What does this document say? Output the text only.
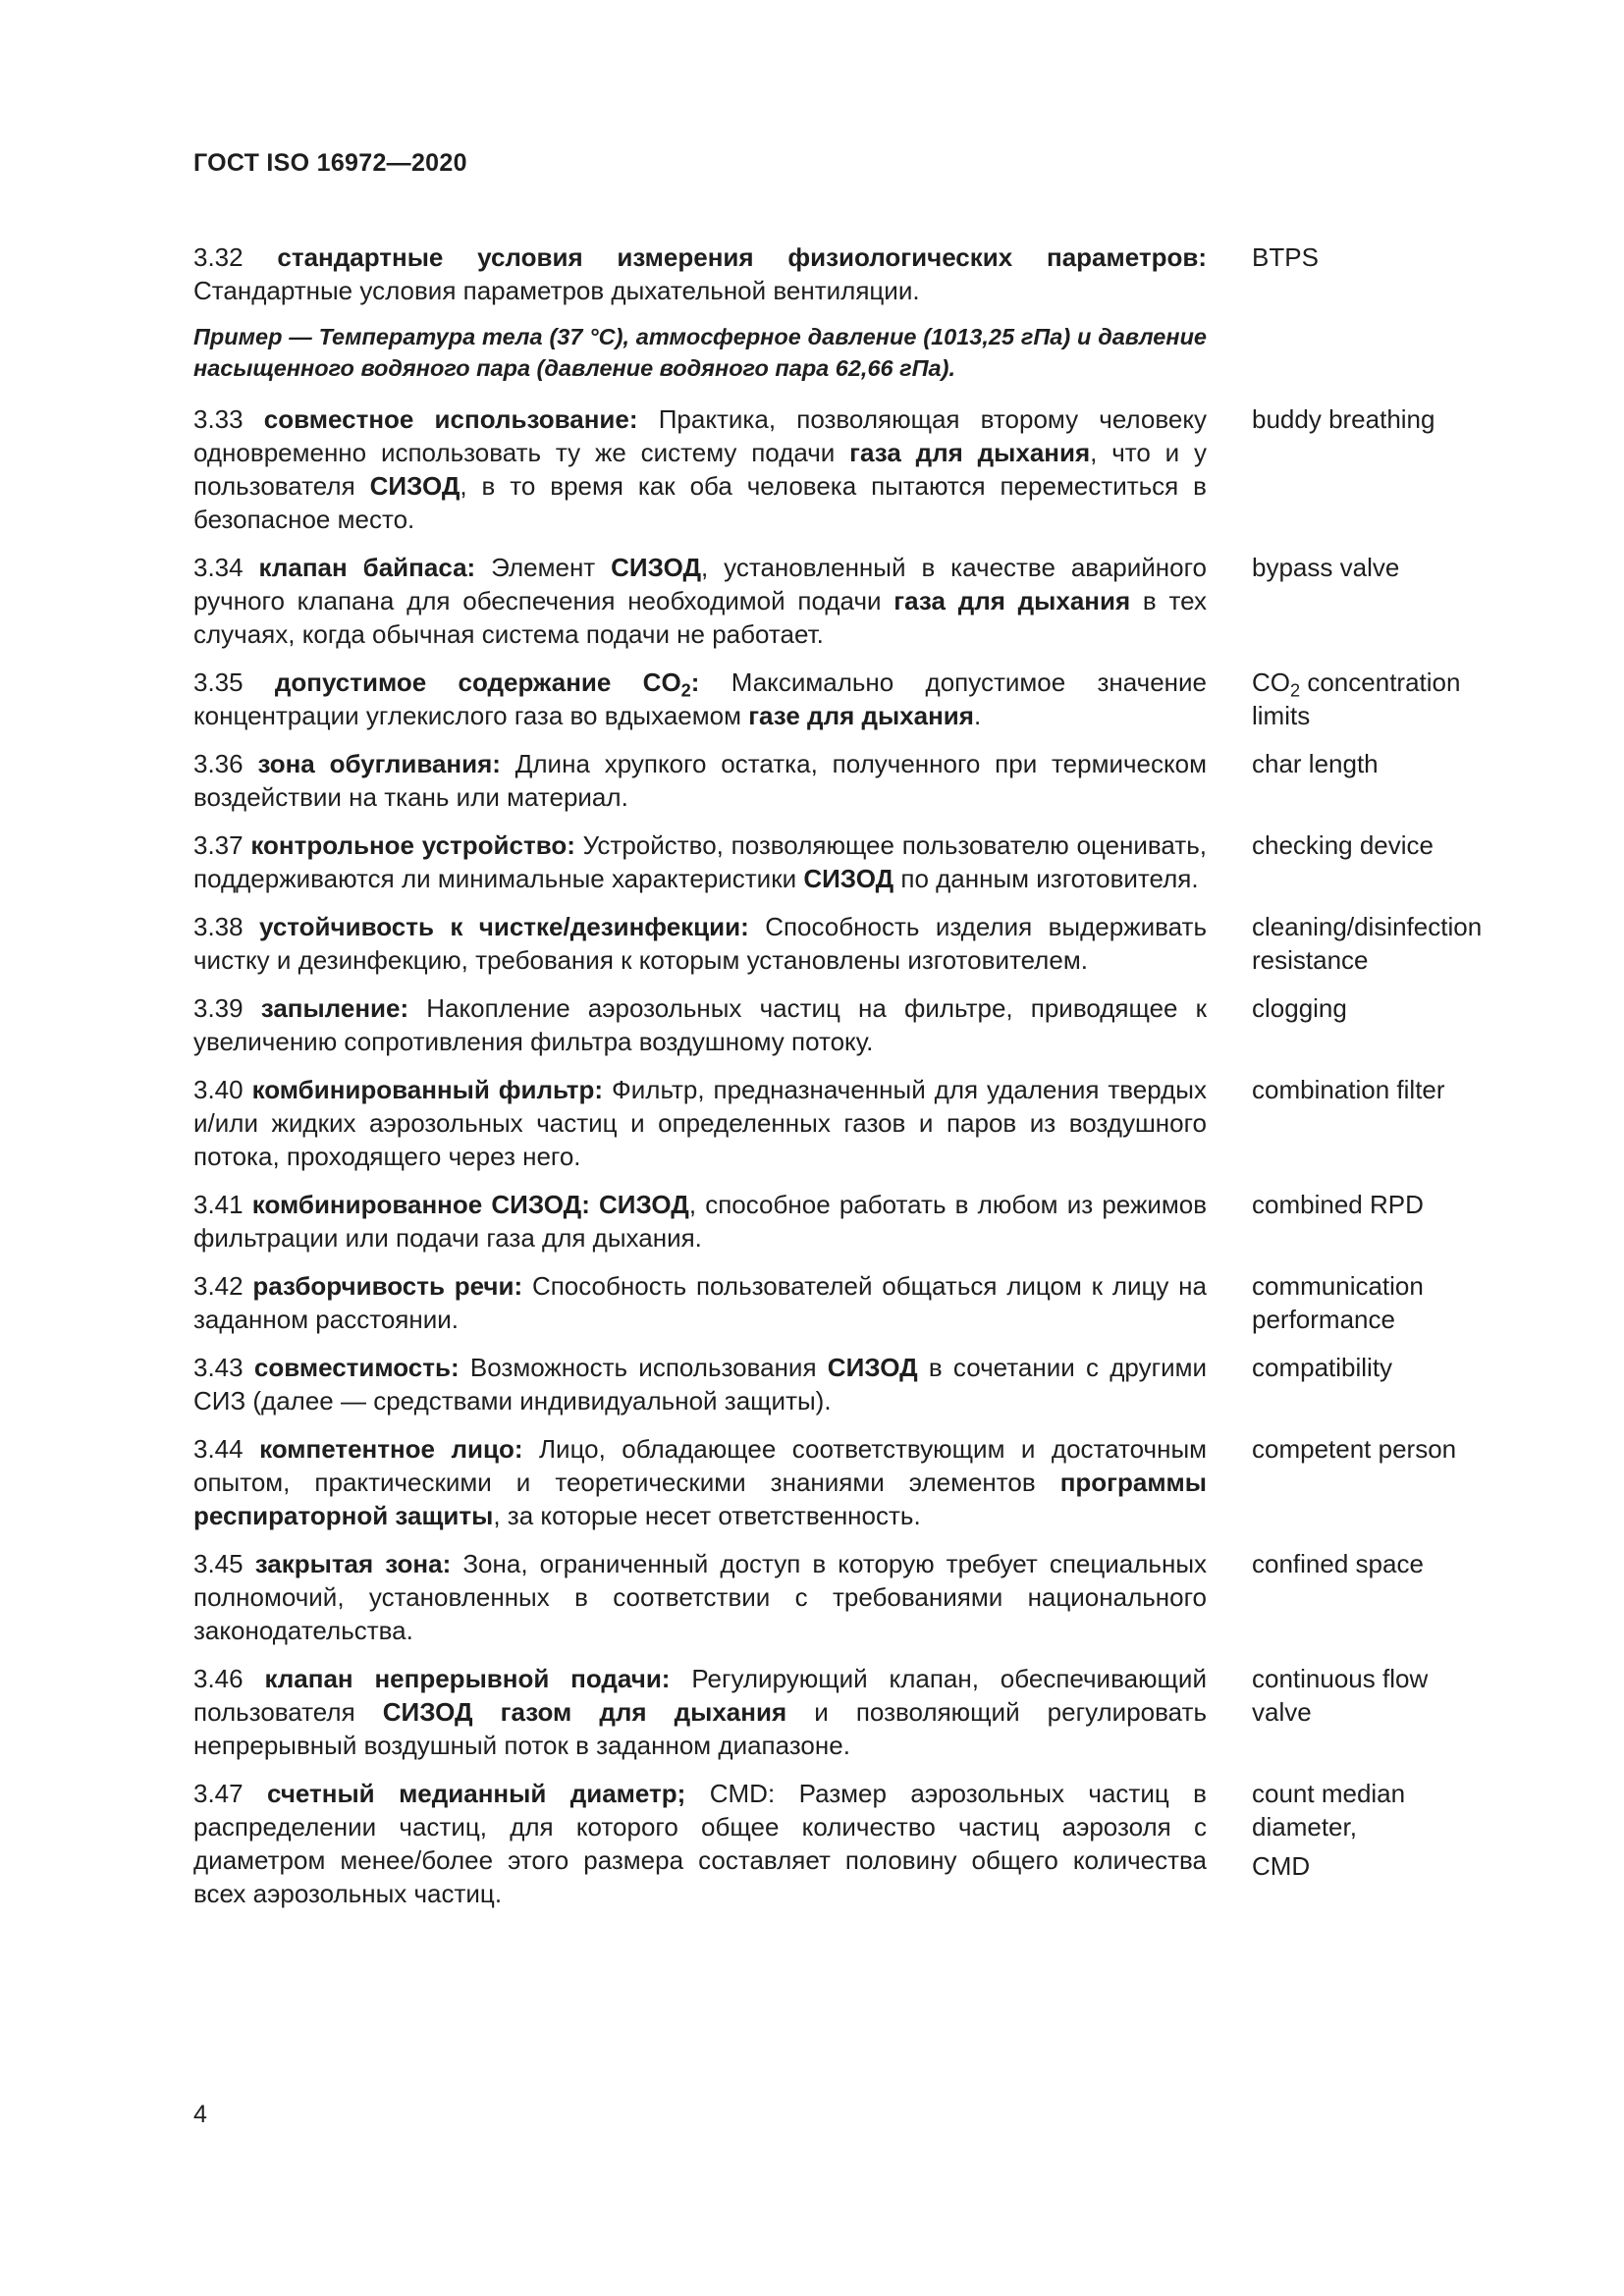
ГОСТ ISO 16972—2020
3.32 стандартные условия измерения физиологических параметров: Стандартные условия параметров дыхательной вентиляции.
BTPS
Пример — Температура тела (37 °C), атмосферное давление (1013,25 гПа) и давление насыщенного водяного пара (давление водяного пара 62,66 гПа).
3.33 совместное использование: Практика, позволяющая второму человеку одновременно использовать ту же систему подачи газа для дыхания, что и у пользователя СИЗОД, в то время как оба человека пытаются переместиться в безопасное место.
buddy breathing
3.34 клапан байпаса: Элемент СИЗОД, установленный в качестве аварийного ручного клапана для обеспечения необходимой подачи газа для дыхания в тех случаях, когда обычная система подачи не работает.
bypass valve
3.35 допустимое содержание $CO_2$: Максимально допустимое значение концентрации углекислого газа во вдыхаемом газе для дыхания.
$CO_2$ concentration limits
3.36 зона обугливания: Длина хрупкого остатка, полученного при термическом воздействии на ткань или материал.
char length
3.37 контрольное устройство: Устройство, позволяющее пользователю оценивать, поддерживаются ли минимальные характеристики СИЗОД по данным изготовителя.
checking device
3.38 устойчивость к чистке/дезинфекции: Способность изделия выдерживать чистку и дезинфекцию, требования к которым установлены изготовителем.
cleaning/disinfection
resistance
3.39 запыление: Накопление аэрозольных частиц на фильтре, приводящее к увеличению сопротивления фильтра воздушному потоку.
clogging
3.40 комбинированный фильтр: Фильтр, предназначенный для удаления твердых и/или жидких аэрозольных частиц и определенных газов и паров из воздушного потока, проходящего через него.
combination filter
3.41 комбинированное СИЗОД: СИЗОД, способное работать в любом из режимов фильтрации или подачи газа для дыхания.
combined RPD
3.42 разборчивость речи: Способность пользователей общаться лицом к лицу на заданном расстоянии.
communication
performance
3.43 совместимость: Возможность использования СИЗОД в сочетании с другими СИЗ (далее — средствами индивидуальной защиты).
compatibility
3.44 компетентное лицо: Лицо, обладающее соответствующим и достаточным опытом, практическими и теоретическими знаниями элементов программы респираторной защиты, за которые несет ответственность.
competent person
3.45 закрытая зона: Зона, ограниченный доступ в которую требует специальных полномочий, установленных в соответствии с требованиями национального законодательства.
confined space
3.46 клапан непрерывной подачи: Регулирующий клапан, обеспечивающий пользователя СИЗОД газом для дыхания и позволяющий регулировать непрерывный воздушный поток в заданном диапазоне.
continuous flow
valve
3.47 счетный медианный диаметр; CMD: Размер аэрозольных частиц в распределении частиц, для которого общее количество частиц аэрозоля с диаметром менее/более этого размера составляет половину общего количества всех аэрозольных частиц.
count median
diameter,
CMD
4
